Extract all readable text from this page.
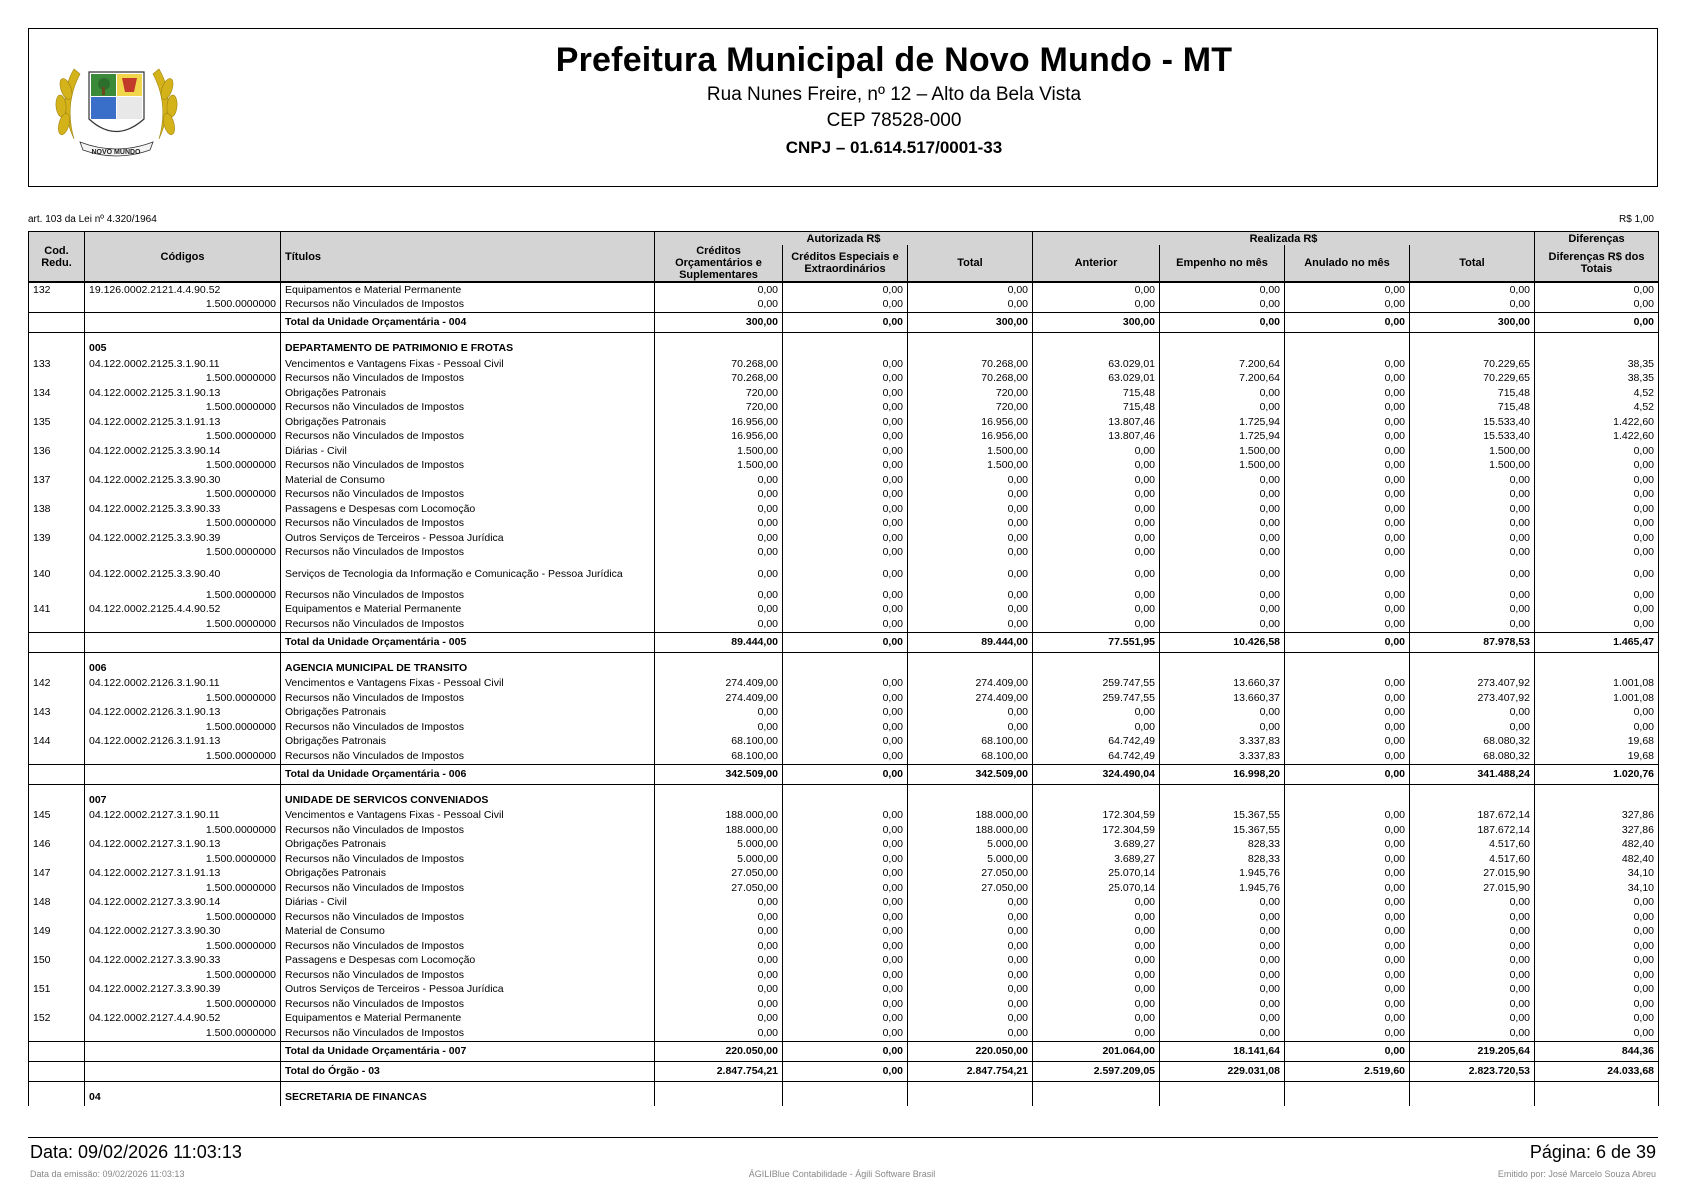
NOVO MUNDO
Prefeitura Municipal de Novo Mundo - MT
Rua Nunes Freire, nº 12 – Alto da Bela Vista
CEP 78528-000
CNPJ – 01.614.517/0001-33
art. 103 da Lei nº 4.320/1964	R$ 1,00
Cod. Redu.	Códigos	Títulos	Autorizada R$			Realizada R$				Diferenças
			Créditos Orçamentários e Suplementares	Créditos Especiais e Extraordinários	Total	Anterior	Empenho no mês	Anulado no mês	Total	Diferenças R$ dos Totais
132	19.126.0002.2121.4.4.90.52	Equipamentos e Material Permanente	0,00	0,00	0,00	0,00	0,00	0,00	0,00	0,00
	1.500.0000000	Recursos não Vinculados de Impostos	0,00	0,00	0,00	0,00	0,00	0,00	0,00	0,00
		Total da Unidade Orçamentária - 004	300,00	0,00	300,00	300,00	0,00	0,00	300,00	0,00
	005	DEPARTAMENTO DE PATRIMONIO E FROTAS								
133	04.122.0002.2125.3.1.90.11	Vencimentos e Vantagens Fixas - Pessoal Civil	70.268,00	0,00	70.268,00	63.029,01	7.200,64	0,00	70.229,65	38,35
	1.500.0000000	Recursos não Vinculados de Impostos	70.268,00	0,00	70.268,00	63.029,01	7.200,64	0,00	70.229,65	38,35
134	04.122.0002.2125.3.1.90.13	Obrigações Patronais	720,00	0,00	720,00	715,48	0,00	0,00	715,48	4,52
	1.500.0000000	Recursos não Vinculados de Impostos	720,00	0,00	720,00	715,48	0,00	0,00	715,48	4,52
135	04.122.0002.2125.3.1.91.13	Obrigações Patronais	16.956,00	0,00	16.956,00	13.807,46	1.725,94	0,00	15.533,40	1.422,60
	1.500.0000000	Recursos não Vinculados de Impostos	16.956,00	0,00	16.956,00	13.807,46	1.725,94	0,00	15.533,40	1.422,60
136	04.122.0002.2125.3.3.90.14	Diárias - Civil	1.500,00	0,00	1.500,00	0,00	1.500,00	0,00	1.500,00	0,00
	1.500.0000000	Recursos não Vinculados de Impostos	1.500,00	0,00	1.500,00	0,00	1.500,00	0,00	1.500,00	0,00
137	04.122.0002.2125.3.3.90.30	Material de Consumo	0,00	0,00	0,00	0,00	0,00	0,00	0,00	0,00
	1.500.0000000	Recursos não Vinculados de Impostos	0,00	0,00	0,00	0,00	0,00	0,00	0,00	0,00
138	04.122.0002.2125.3.3.90.33	Passagens e Despesas com Locomoção	0,00	0,00	0,00	0,00	0,00	0,00	0,00	0,00
	1.500.0000000	Recursos não Vinculados de Impostos	0,00	0,00	0,00	0,00	0,00	0,00	0,00	0,00
139	04.122.0002.2125.3.3.90.39	Outros Serviços de Terceiros - Pessoa Jurídica	0,00	0,00	0,00	0,00	0,00	0,00	0,00	0,00
	1.500.0000000	Recursos não Vinculados de Impostos	0,00	0,00	0,00	0,00	0,00	0,00	0,00	0,00
140	04.122.0002.2125.3.3.90.40	Serviços de Tecnologia da Informação e Comunicação - Pessoa Jurídica	0,00	0,00	0,00	0,00	0,00	0,00	0,00	0,00
	1.500.0000000	Recursos não Vinculados de Impostos	0,00	0,00	0,00	0,00	0,00	0,00	0,00	0,00
141	04.122.0002.2125.4.4.90.52	Equipamentos e Material Permanente	0,00	0,00	0,00	0,00	0,00	0,00	0,00	0,00
	1.500.0000000	Recursos não Vinculados de Impostos	0,00	0,00	0,00	0,00	0,00	0,00	0,00	0,00
		Total da Unidade Orçamentária - 005	89.444,00	0,00	89.444,00	77.551,95	10.426,58	0,00	87.978,53	1.465,47
	006	AGENCIA MUNICIPAL DE TRANSITO								
142	04.122.0002.2126.3.1.90.11	Vencimentos e Vantagens Fixas - Pessoal Civil	274.409,00	0,00	274.409,00	259.747,55	13.660,37	0,00	273.407,92	1.001,08
	1.500.0000000	Recursos não Vinculados de Impostos	274.409,00	0,00	274.409,00	259.747,55	13.660,37	0,00	273.407,92	1.001,08
143	04.122.0002.2126.3.1.90.13	Obrigações Patronais	0,00	0,00	0,00	0,00	0,00	0,00	0,00	0,00
	1.500.0000000	Recursos não Vinculados de Impostos	0,00	0,00	0,00	0,00	0,00	0,00	0,00	0,00
144	04.122.0002.2126.3.1.91.13	Obrigações Patronais	68.100,00	0,00	68.100,00	64.742,49	3.337,83	0,00	68.080,32	19,68
	1.500.0000000	Recursos não Vinculados de Impostos	68.100,00	0,00	68.100,00	64.742,49	3.337,83	0,00	68.080,32	19,68
		Total da Unidade Orçamentária - 006	342.509,00	0,00	342.509,00	324.490,04	16.998,20	0,00	341.488,24	1.020,76
	007	UNIDADE DE SERVICOS CONVENIADOS								
145	04.122.0002.2127.3.1.90.11	Vencimentos e Vantagens Fixas - Pessoal Civil	188.000,00	0,00	188.000,00	172.304,59	15.367,55	0,00	187.672,14	327,86
	1.500.0000000	Recursos não Vinculados de Impostos	188.000,00	0,00	188.000,00	172.304,59	15.367,55	0,00	187.672,14	327,86
146	04.122.0002.2127.3.1.90.13	Obrigações Patronais	5.000,00	0,00	5.000,00	3.689,27	828,33	0,00	4.517,60	482,40
	1.500.0000000	Recursos não Vinculados de Impostos	5.000,00	0,00	5.000,00	3.689,27	828,33	0,00	4.517,60	482,40
147	04.122.0002.2127.3.1.91.13	Obrigações Patronais	27.050,00	0,00	27.050,00	25.070,14	1.945,76	0,00	27.015,90	34,10
	1.500.0000000	Recursos não Vinculados de Impostos	27.050,00	0,00	27.050,00	25.070,14	1.945,76	0,00	27.015,90	34,10
148	04.122.0002.2127.3.3.90.14	Diárias - Civil	0,00	0,00	0,00	0,00	0,00	0,00	0,00	0,00
	1.500.0000000	Recursos não Vinculados de Impostos	0,00	0,00	0,00	0,00	0,00	0,00	0,00	0,00
149	04.122.0002.2127.3.3.90.30	Material de Consumo	0,00	0,00	0,00	0,00	0,00	0,00	0,00	0,00
	1.500.0000000	Recursos não Vinculados de Impostos	0,00	0,00	0,00	0,00	0,00	0,00	0,00	0,00
150	04.122.0002.2127.3.3.90.33	Passagens e Despesas com Locomoção	0,00	0,00	0,00	0,00	0,00	0,00	0,00	0,00
	1.500.0000000	Recursos não Vinculados de Impostos	0,00	0,00	0,00	0,00	0,00	0,00	0,00	0,00
151	04.122.0002.2127.3.3.90.39	Outros Serviços de Terceiros - Pessoa Jurídica	0,00	0,00	0,00	0,00	0,00	0,00	0,00	0,00
	1.500.0000000	Recursos não Vinculados de Impostos	0,00	0,00	0,00	0,00	0,00	0,00	0,00	0,00
152	04.122.0002.2127.4.4.90.52	Equipamentos e Material Permanente	0,00	0,00	0,00	0,00	0,00	0,00	0,00	0,00
	1.500.0000000	Recursos não Vinculados de Impostos	0,00	0,00	0,00	0,00	0,00	0,00	0,00	0,00
		Total da Unidade Orçamentária - 007	220.050,00	0,00	220.050,00	201.064,00	18.141,64	0,00	219.205,64	844,36
		Total do Órgão - 03	2.847.754,21	0,00	2.847.754,21	2.597.209,05	229.031,08	2.519,60	2.823.720,53	24.033,68
	04	SECRETARIA DE FINANCAS								
Data: 09/02/2026 11:03:13	Página: 6 de 39
Data da emissão: 09/02/2026 11:03:13	ÁGILIBlue Contabilidade - Ágili Software Brasil	Emitido por: José Marcelo Souza Abreu
